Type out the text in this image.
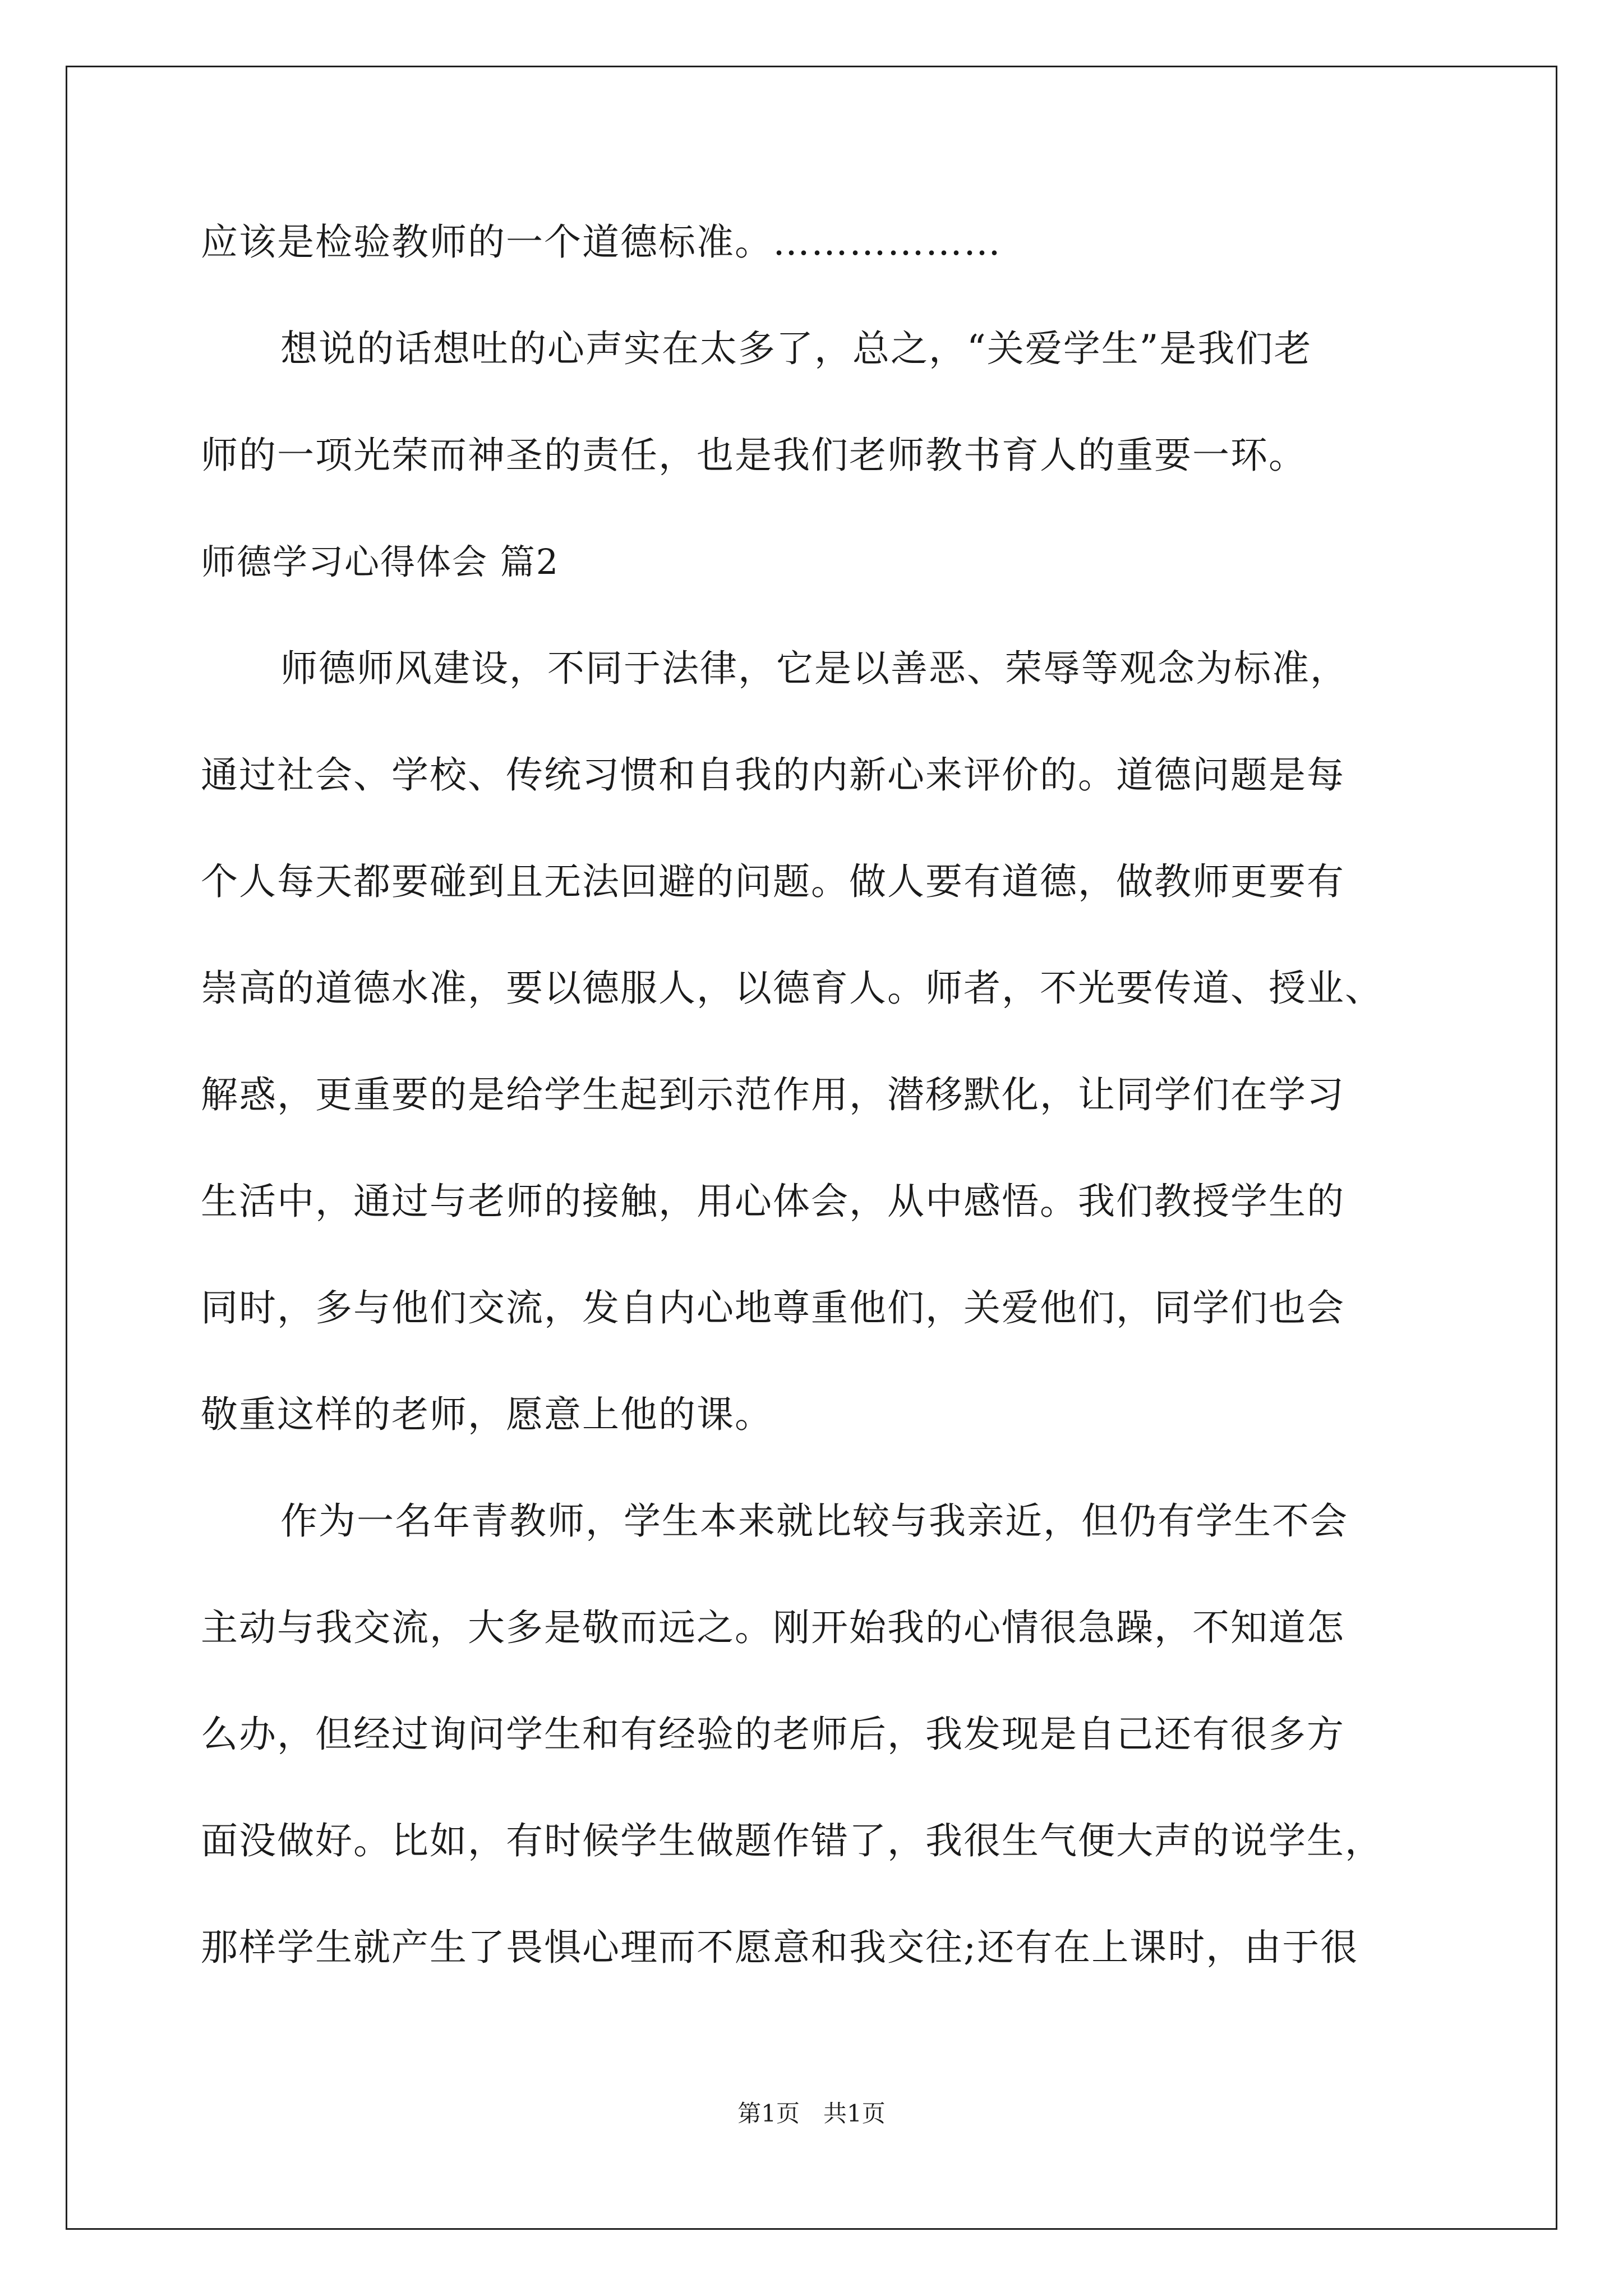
应该是检验教师的一个道德标准。………………

想说的话想吐的心声实在太多了，总之，“关爱学生”是我们老

师的一项光荣而神圣的责任，也是我们老师教书育人的重要一环。

师德学习心得体会 篇2

师德师风建设，不同于法律，它是以善恶、荣辱等观念为标准，

通过社会、学校、传统习惯和自我的内新心来评价的。道德问题是每

个人每天都要碰到且无法回避的问题。做人要有道德，做教师更要有

崇高的道德水准，要以德服人，以德育人。师者，不光要传道、授业、

解惑，更重要的是给学生起到示范作用，潜移默化，让同学们在学习

生活中，通过与老师的接触，用心体会，从中感悟。我们教授学生的

同时，多与他们交流，发自内心地尊重他们，关爱他们，同学们也会

敬重这样的老师，愿意上他的课。

作为一名年青教师，学生本来就比较与我亲近，但仍有学生不会

主动与我交流，大多是敬而远之。刚开始我的心情很急躁，不知道怎

么办，但经过询问学生和有经验的老师后，我发现是自己还有很多方

面没做好。比如，有时候学生做题作错了，我很生气便大声的说学生，

那样学生就产生了畏惧心理而不愿意和我交往;还有在上课时，由于很

第1页　共1页
